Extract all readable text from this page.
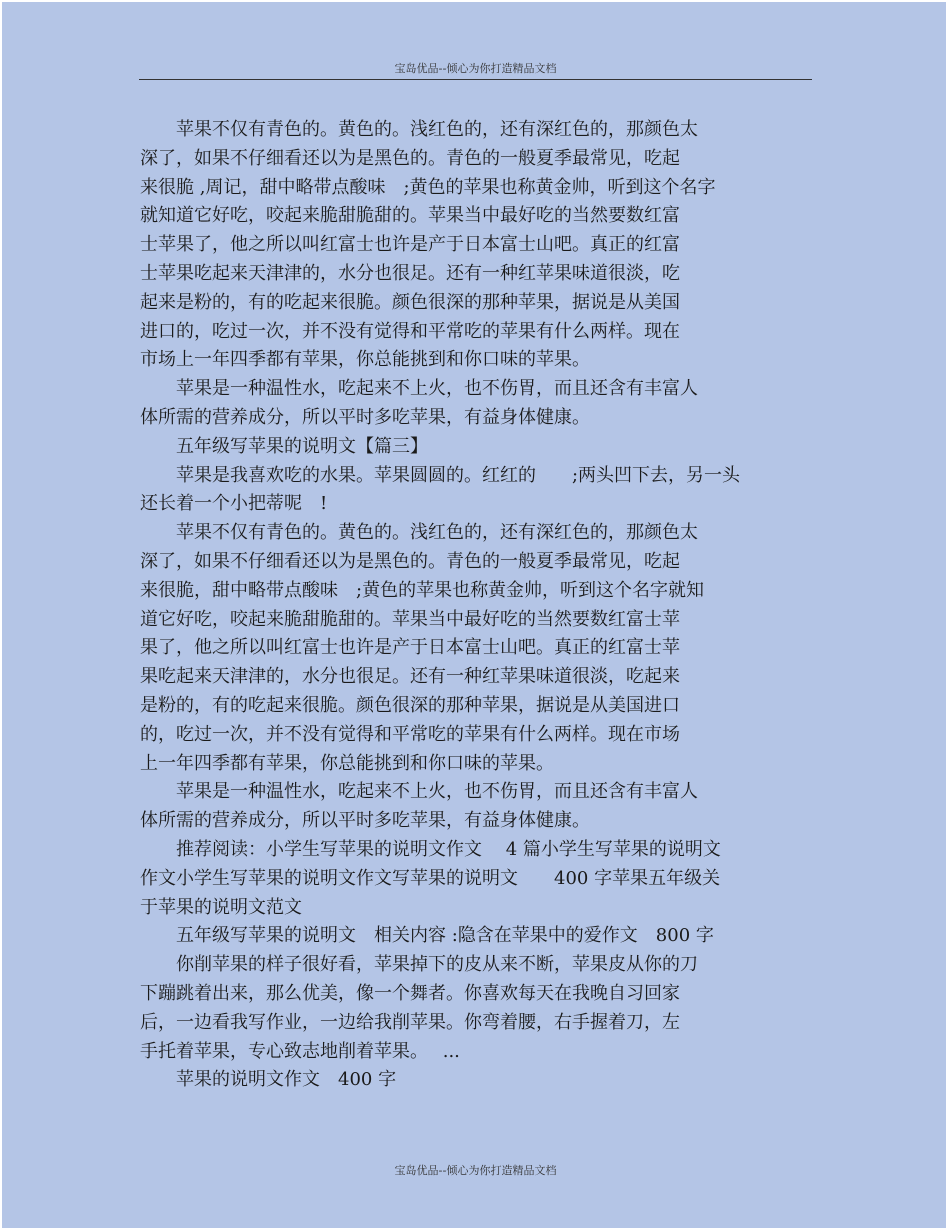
宝岛优品--倾心为你打造精品文档
苹果不仅有青色的。黄色的。浅红色的，还有深红色的，那颜色太
深了，如果不仔细看还以为是黑色的。青色的一般夏季最常见，吃起
来很脆 ,周记，甜中略带点酸味　;黄色的苹果也称黄金帅，听到这个名字
就知道它好吃，咬起来脆甜脆甜的。苹果当中最好吃的当然要数红富
士苹果了，他之所以叫红富士也许是产于日本富士山吧。真正的红富
士苹果吃起来天津津的，水分也很足。还有一种红苹果味道很淡，吃
起来是粉的，有的吃起来很脆。颜色很深的那种苹果，据说是从美国
进口的，吃过一次，并不没有觉得和平常吃的苹果有什么两样。现在
市场上一年四季都有苹果，你总能挑到和你口味的苹果。
苹果是一种温性水，吃起来不上火，也不伤胃，而且还含有丰富人
体所需的营养成分，所以平时多吃苹果，有益身体健康。
五年级写苹果的说明文【篇三】
苹果是我喜欢吃的水果。苹果圆圆的。红红的　　;两头凹下去，另一头
还长着一个小把蒂呢　!
苹果不仅有青色的。黄色的。浅红色的，还有深红色的，那颜色太
深了，如果不仔细看还以为是黑色的。青色的一般夏季最常见，吃起
来很脆，甜中略带点酸味　;黄色的苹果也称黄金帅，听到这个名字就知
道它好吃，咬起来脆甜脆甜的。苹果当中最好吃的当然要数红富士苹
果了，他之所以叫红富士也许是产于日本富士山吧。真正的红富士苹
果吃起来天津津的，水分也很足。还有一种红苹果味道很淡，吃起来
是粉的，有的吃起来很脆。颜色很深的那种苹果，据说是从美国进口
的，吃过一次，并不没有觉得和平常吃的苹果有什么两样。现在市场
上一年四季都有苹果，你总能挑到和你口味的苹果。
苹果是一种温性水，吃起来不上火，也不伤胃，而且还含有丰富人
体所需的营养成分，所以平时多吃苹果，有益身体健康。
推荐阅读：小学生写苹果的说明文作文　 4 篇小学生写苹果的说明文
作文小学生写苹果的说明文作文写苹果的说明文　　400 字苹果五年级关
于苹果的说明文范文
五年级写苹果的说明文　相关内容 :隐含在苹果中的爱作文　800 字
你削苹果的样子很好看，苹果掉下的皮从来不断，苹果皮从你的刀
下蹦跳着出来，那么优美，像一个舞者。你喜欢每天在我晚自习回家
后，一边看我写作业，一边给我削苹果。你弯着腰，右手握着刀，左
手托着苹果，专心致志地削着苹果。　 ...
苹果的说明文作文　400 字
宝岛优品--倾心为你打造精品文档
